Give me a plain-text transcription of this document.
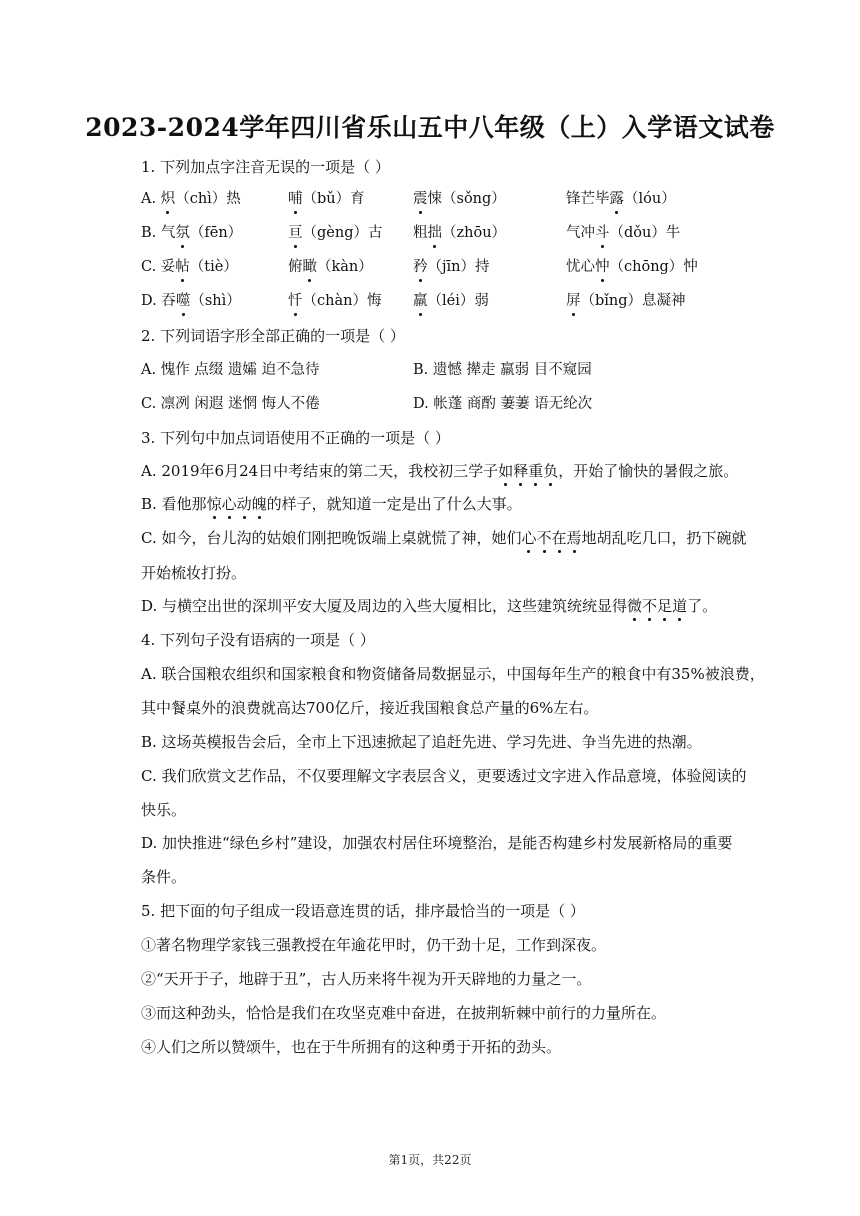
2023-2024学年四川省乐山五中八年级（上）入学语文试卷
1. 下列加点字注音无误的一项是（ ）
A. 炽（chì）热	哺（bǔ）育	震悚（sǒng）	锋芒毕露（lóu）
B. 气氛（fēn）	亘（gèng）古 粗拙（zhōu）	气冲斗（dǒu）牛
C. 妥帖（tiè）	俯瞰（kàn）	矜（jīn）持	忧心忡（chōng）忡
D. 吞噬（shì）	忏（chàn）悔 羸（léi）弱	屏（bǐng）息凝神
2. 下列词语字形全部正确的一项是（ ）
A. 愧作 点缀 遗孀 迫不急待	B. 遗憾 撵走 羸弱 目不窥园
C. 凛冽 闲遐 迷惘 悔人不倦	D. 帐蓬 商酌 萋萋 语无纶次
3. 下列句中加点词语使用不正确的一项是（ ）
A. 2019年6月24日中考结束的第二天，我校初三学子如释重负，开始了愉快的暑假之旅。
B. 看他那惊心动魄的样子，就知道一定是出了什么大事。
C. 如今，台儿沟的姑娘们刚把晚饭端上桌就慌了神，她们心不在焉地胡乱吃几口，扔下碗就
开始梳妆打扮。
D. 与横空出世的深圳平安大厦及周边的入些大厦相比，这些建筑统统显得微不足道了。
4. 下列句子没有语病的一项是（ ）
A. 联合国粮农组织和国家粮食和物资储备局数据显示，中国每年生产的粮食中有35%被浪费，
其中餐桌外的浪费就高达700亿斤，接近我国粮食总产量的6%左右。
B. 这场英模报告会后，全市上下迅速掀起了追赶先进、学习先进、争当先进的热潮。
C. 我们欣赏文艺作品，不仅要理解文字表层含义，更要透过文字进入作品意境，体验阅读的
快乐。
D. 加快推进“绿色乡村”建设，加强农村居住环境整治，是能否构建乡村发展新格局的重要
条件。
5. 把下面的句子组成一段语意连贯的话，排序最恰当的一项是（ ）
①著名物理学家钱三强教授在年逾花甲时，仍干劲十足，工作到深夜。
②“天开于子，地辟于丑”，古人历来将牛视为开天辟地的力量之一。
③而这种劲头，恰恰是我们在攻坚克难中奋进，在披荆斩棘中前行的力量所在。
④人们之所以赞颂牛，也在于牛所拥有的这种勇于开拓的劲头。
第1页，共22页
